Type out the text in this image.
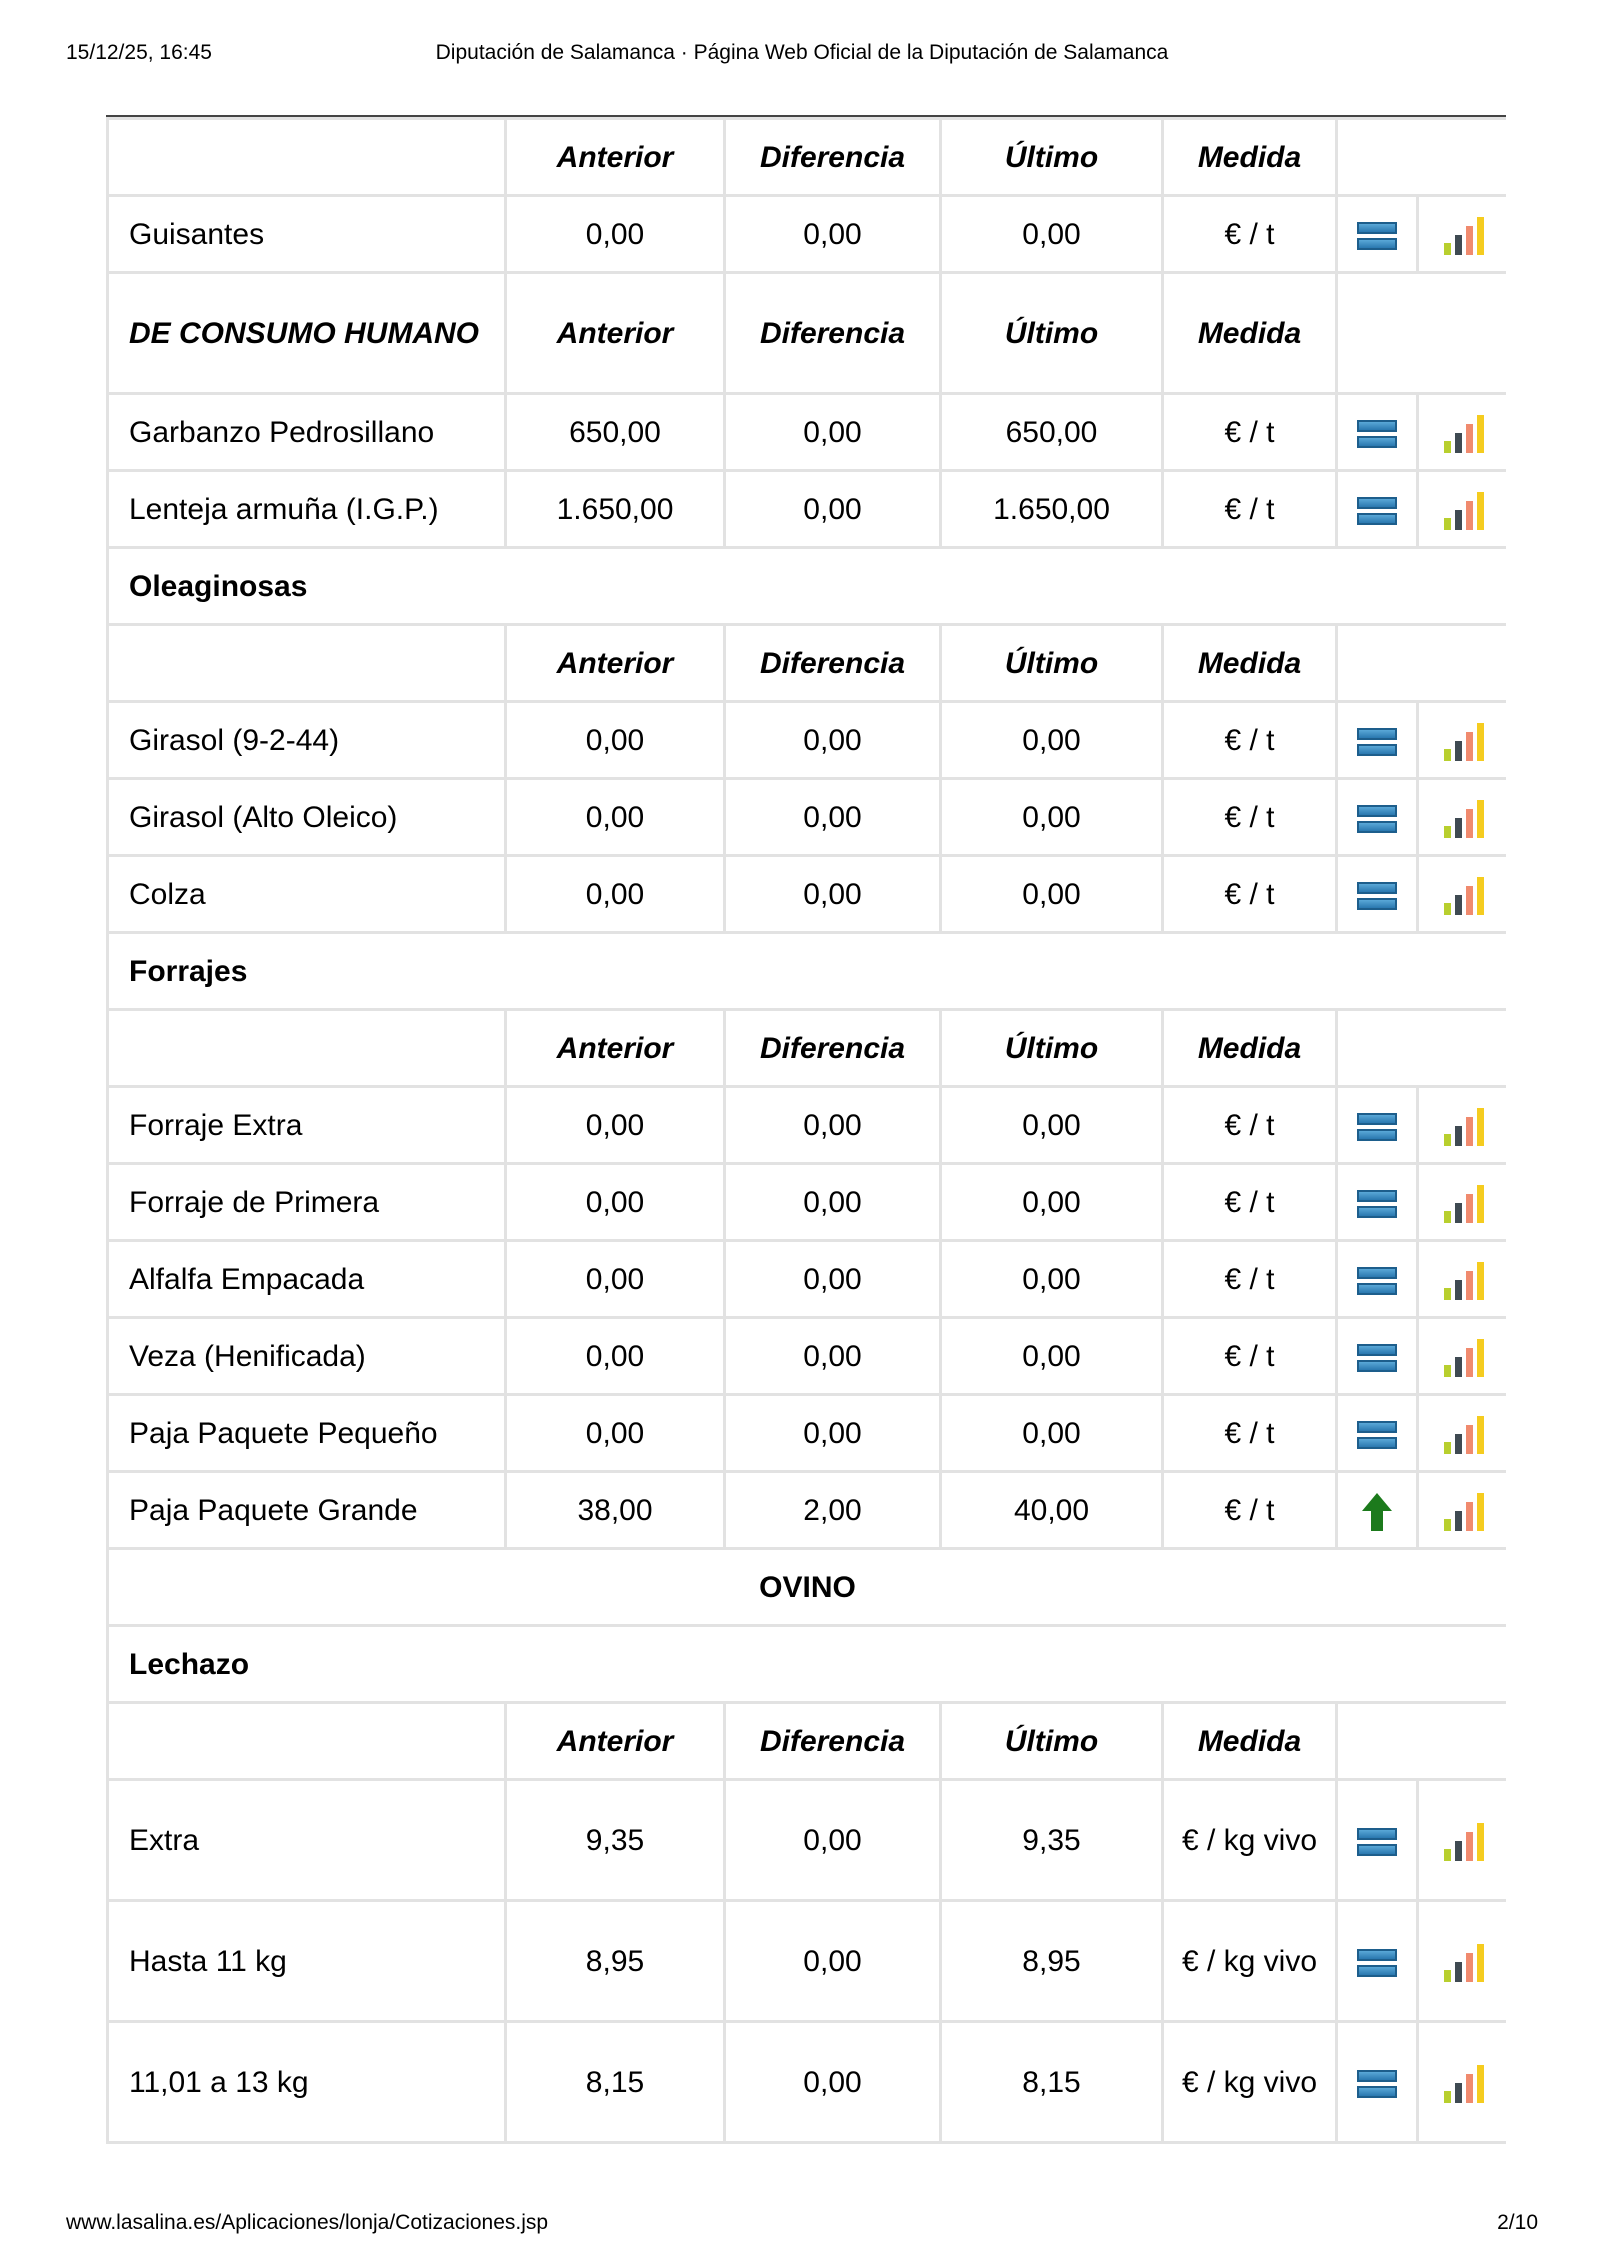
15/12/25, 16:45	Diputación de Salamanca · Página Web Oficial de la Diputación de Salamanca
	Anterior	Diferencia	Último	Medida		
Guisantes	0,00	0,00	0,00	€ / t	

DE CONSUMO HUMANO	Anterior	Diferencia	Último	Medida		
Garbanzo Pedrosillano	650,00	0,00	650,00	€ / t	

Lenteja armuña (I.G.P.)	1.650,00	0,00	1.650,00	€ / t	

Oleaginosas						
	Anterior	Diferencia	Último	Medida		
Girasol (9-2-44)	0,00	0,00	0,00	€ / t	

Girasol (Alto Oleico)	0,00	0,00	0,00	€ / t	

Colza	0,00	0,00	0,00	€ / t	

Forrajes						
	Anterior	Diferencia	Último	Medida		
Forraje Extra	0,00	0,00	0,00	€ / t	

Forraje de Primera	0,00	0,00	0,00	€ / t	

Alfalfa Empacada	0,00	0,00	0,00	€ / t	

Veza (Henificada)	0,00	0,00	0,00	€ / t	

Paja Paquete Pequeño	0,00	0,00	0,00	€ / t	

Paja Paquete Grande	38,00	2,00	40,00	€ / t	

OVINO						
Lechazo						
	Anterior	Diferencia	Último	Medida		
Extra	9,35	0,00	9,35	€ / kg vivo	

Hasta 11 kg	8,95	0,00	8,95	€ / kg vivo	

11,01 a 13 kg	8,15	0,00	8,15	€ / kg vivo	

www.lasalina.es/Aplicaciones/lonja/Cotizaciones.jsp	2/10
